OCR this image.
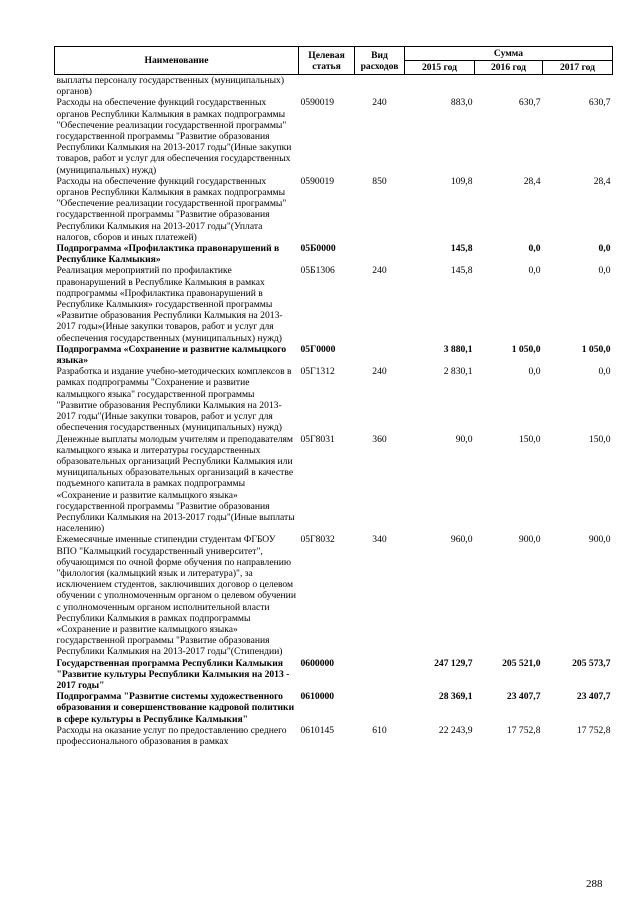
Наименование	Целевая статья	Вид расходов	Сумма		
			2015 год	2016 год	2017 год
выплаты персоналу государственных (муниципальных) органов)					
Расходы на обеспечение функций государственных органов Республики Калмыкия в рамках подпрограммы "Обеспечение реализации государственной программы" государственной программы "Развитие образования Республики Калмыкия на 2013-2017 годы"(Иные закупки товаров, работ и услуг для обеспечения государственных (муниципальных) нужд)	0590019	240	883,0	630,7	630,7
Расходы на обеспечение функций государственных органов Республики Калмыкия в рамках подпрограммы "Обеспечение реализации государственной программы" государственной программы "Развитие образования Республики Калмыкия на 2013-2017 годы"(Уплата налогов, сборов и иных платежей)	0590019	850	109,8	28,4	28,4
Подпрограмма «Профилактика правонарушений в Республике Калмыкия»	05Б0000		145,8	0,0	0,0
Реализация мероприятий по профилактике правонарушений в Республике Калмыкия в рамках подпрограммы «Профилактика правонарушений в Республике Калмыкия» государственной программы «Развитие образования Республики Калмыкия на 2013-2017 годы»(Иные закупки товаров, работ и услуг для обеспечения государственных (муниципальных) нужд)	05Б1306	240	145,8	0,0	0,0
Подпрограмма «Сохранение и развитие калмыцкого языка»	05Г0000		3 880,1	1 050,0	1 050,0
Разработка и издание учебно-методических комплексов в рамках подпрограммы "Сохранение и развитие калмыцкого языка" государственной программы "Развитие образования Республики Калмыкия на 2013-2017 годы"(Иные закупки товаров, работ и услуг для обеспечения государственных (муниципальных) нужд)	05Г1312	240	2 830,1	0,0	0,0
Денежные выплаты молодым учителям и преподавателям калмыцкого языка и литературы государственных образовательных организаций Республики Калмыкия или муниципальных образовательных организаций в качестве подъемного капитала в рамках подпрограммы «Сохранение и развитие калмыцкого языка» государственной программы "Развитие образования Республики Калмыкия на 2013-2017 годы"(Иные выплаты населению)	05Г8031	360	90,0	150,0	150,0
Ежемесячные именные стипендии студентам ФГБОУ ВПО "Калмыцкий государственный университет", обучающимся по очной форме обучения по направлению "филология (калмыцкий язык и литература)", за исключением студентов, заключивших договор о целевом обучении с уполномоченным органом о целевом обучении с уполномоченным органом исполнительной власти Республики Калмыкия в рамках подпрограммы «Сохранение и развитие калмыцкого языка» государственной программы "Развитие образования Республики Калмыкия на 2013-2017 годы"(Стипендии)	05Г8032	340	960,0	900,0	900,0
Государственная программа Республики Калмыкия "Развитие культуры Республики Калмыкия на 2013 - 2017 годы"	0600000		247 129,7	205 521,0	205 573,7
Подпрограмма "Развитие системы художественного образования и совершенствование кадровой политики в сфере культуры в Республике Калмыкия"	0610000		28 369,1	23 407,7	23 407,7
Расходы на оказание услуг по предоставлению среднего профессионального образования в рамках	0610145	610	22 243,9	17 752,8	17 752,8
288
